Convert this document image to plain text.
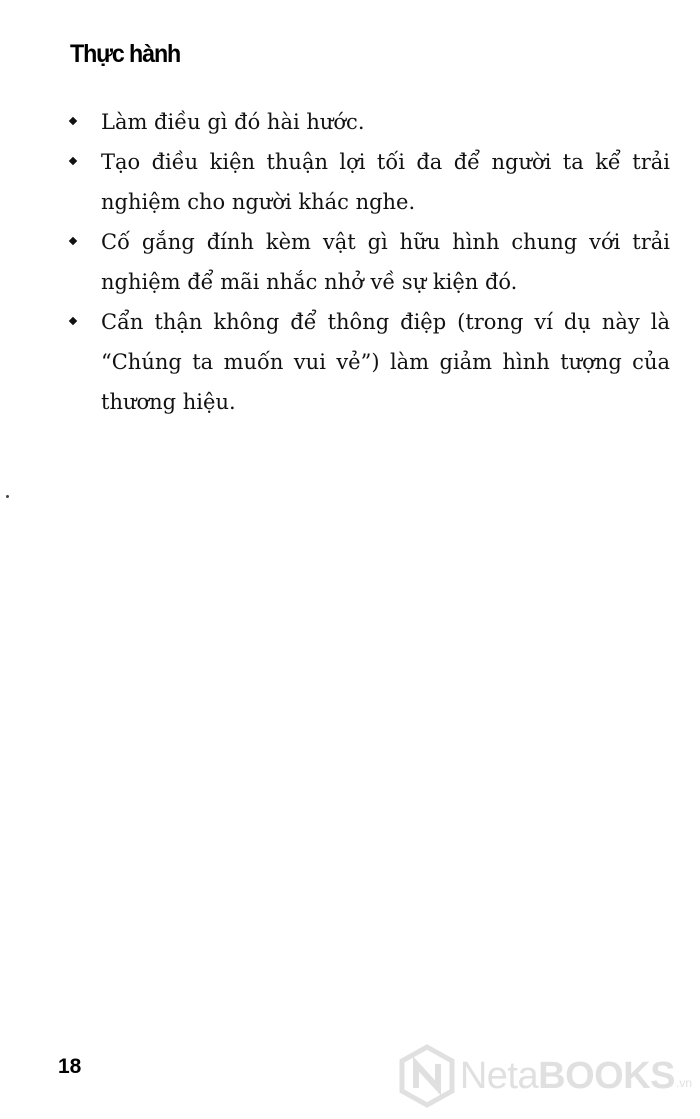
Thực hành
Làm điều gì đó hài hước.
Tạo điều kiện thuận lợi tối đa để người ta kể trải nghiệm cho người khác nghe.
Cố gắng đính kèm vật gì hữu hình chung với trải nghiệm để mãi nhắc nhở về sự kiện đó.
Cẩn thận không để thông điệp (trong ví dụ này là “Chúng ta muốn vui vẻ”) làm giảm hình tượng của thương hiệu.
18	NetaBOOKS .vn
